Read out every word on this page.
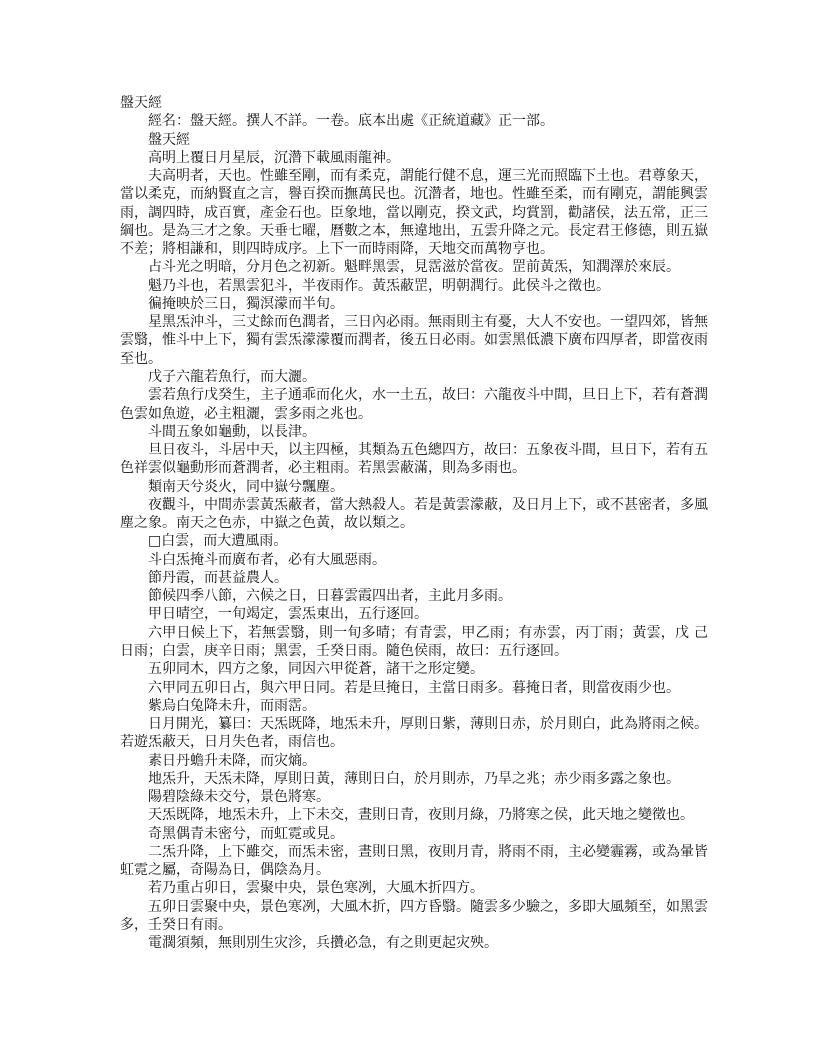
盤天經

經名：盤天經。撰人不詳。一卷。底本出處《正統道藏》正一部。

盤天經

高明上覆日月星辰，沉濳下載風雨龍神。

夫高明者，天也。性雖至剛，而有柔克，謂能行健不息，運三光而照臨下土也。君尊象天，當以柔克，而納賢直之言，譽百揆而撫萬民也。沉濳者，地也。性雖至柔，而有剛克，謂能興雲雨，調四時，成百實，產金石也。臣象地，當以剛克，揆文武，均賞罰，勸諸侯，法五常，正三綱也。是為三才之象。天垂七曜，曆數之本，無違地出，五雲升降之元。長定君王修德，則五嶽不差；將相謙和，則四時成序。上下一而時雨降，天地交而萬物亨也。

占斗光之明暗，分月色之初新。魁畔黑雲，見霑滋於當夜。罡前黃炁，知潤澤於來辰。

魁乃斗也，若黑雲犯斗，半夜雨作。黃炁蔽罡，明朝潤行。此侯斗之徵也。

徧掩映於三日，獨溟濛而半旬。

星黑炁沖斗，三丈餘而色潤者，三日內必雨。無雨則主有憂，大人不安也。一望四郊，皆無雲翳，惟斗中上下，獨有雲炁濛濛覆而潤者，後五日必雨。如雲黑低濃下廣布四厚者，即當夜雨至也。

戊子六龍若魚行，而大灑。

雲若魚行戊癸生，主子通乖而化火，水一土五，故曰：六龍夜斗中間，旦日上下，若有蒼潤色雲如魚遊，必主粗灑，雲多雨之兆也。

斗間五象如龜動，以長津。

旦日夜斗，斗居中天，以主四極，其類為五色總四方，故曰：五象夜斗間，旦日下，若有五色祥雲似龜動形而蒼潤者，必主粗雨。若黑雲蔽滿，則為多雨也。

類南天兮炎火，同中嶽兮飄塵。

夜觀斗，中間赤雲黃炁蔽者，當大熱殺人。若是黃雲濛蔽，及日月上下，或不甚密者，多風塵之象。南天之色赤，中嶽之色黃，故以類之。

□白雲，而大遭風雨。

斗白炁掩斗而廣布者，必有大風惡雨。

節丹霞，而甚益農人。

節候四季八節，六候之日，日暮雲霞四出者，主此月多雨。

甲日晴空，一旬竭定，雲炁東出，五行逐回。

六甲日候上下，若無雲翳，則一旬多晴；有青雲，甲乙雨；有赤雲，丙丁雨；黃雲，戊 己日雨；白雲，庚辛日雨；黑雲，壬癸日雨。隨色侯雨，故曰：五行逐回。

五卯同木，四方之象，同因六甲從蒼，諸干之形定變。

六甲同五卯日占，與六甲日同。若是旦掩日，主當日雨多。暮掩日者，則當夜雨少也。

紫烏白兔降未升，而雨霑。

日月開光，纂曰：天炁既降，地炁未升，厚則日紫，薄則日赤，於月則白，此為將雨之候。若遊炁蔽天，日月失色者，雨信也。

素日丹蟾升未降，而灾熵。

地炁升，天炁未降，厚則日黃，薄則日白，於月則赤，乃旱之兆；赤少雨多露之象也。

陽碧陰綠未交兮，景色將寒。

天炁既降，地炁未升，上下未交，晝則日青，夜則月綠，乃將寒之侯，此天地之變徵也。

奇黑偶青未密兮，而虹霓或見。

二炁升降，上下雖交，而炁未密，晝則日黑，夜則月青，將雨不雨，主必變霾霧，或為暈皆虹霓之屬，奇陽為日，偶陰為月。

若乃重占卯日，雲聚中央，景色寒冽，大風木折四方。

五卯日雲聚中央，景色寒冽，大風木折，四方昏翳。隨雲多少驗之，多即大風頻至，如黑雲多，壬癸日有雨。

電濶須頻，無則別生灾沴，兵攢必急，有之則更起灾殃。
